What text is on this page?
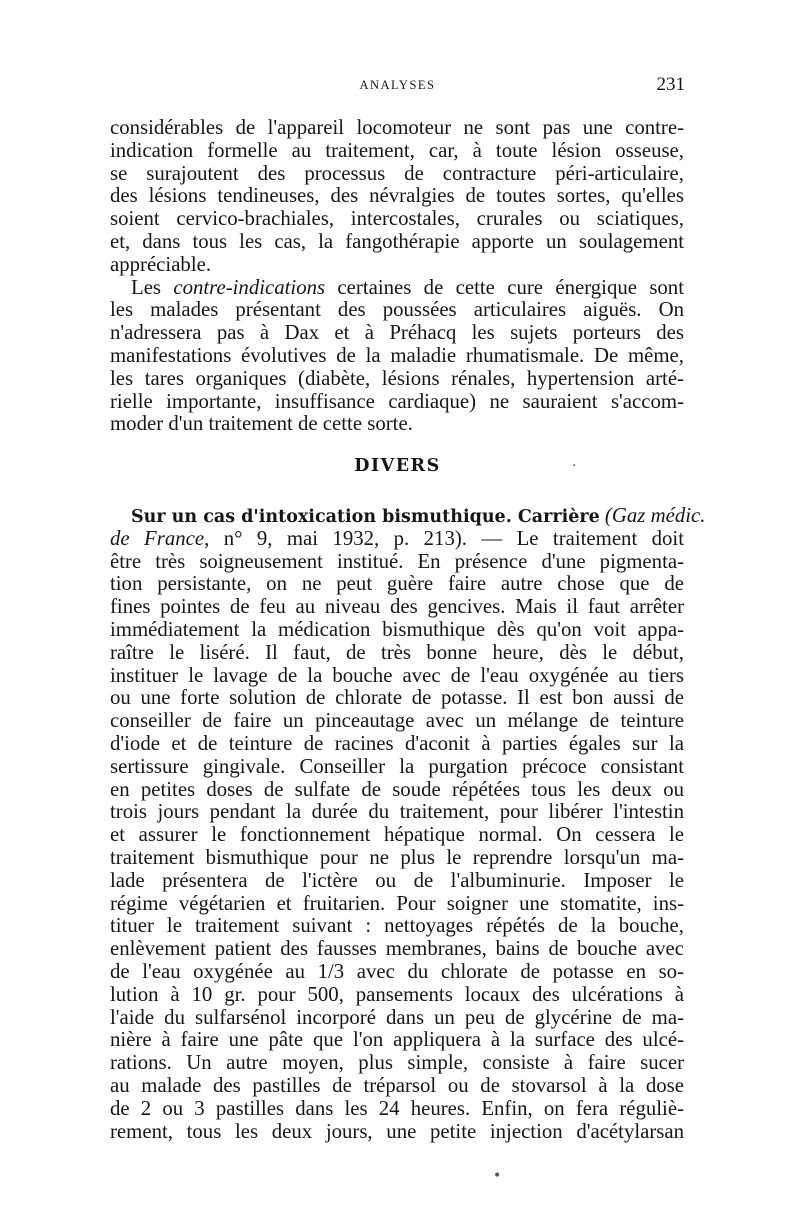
ANALYSES	231
considérables de l'appareil locomoteur ne sont pas une contre-
indication formelle au traitement, car, à toute lésion osseuse,
se surajoutent des processus de contracture péri-articulaire,
des lésions tendineuses, des névralgies de toutes sortes, qu'elles
soient cervico-brachiales, intercostales, crurales ou sciatiques,
et, dans tous les cas, la fangothérapie apporte un soulagement
appréciable.
Les contre-indications certaines de cette cure énergique sont
les malades présentant des poussées articulaires aiguës. On
n'adressera pas à Dax et à Préhacq les sujets porteurs des
manifestations évolutives de la maladie rhumatismale. De même,
les tares organiques (diabète, lésions rénales, hypertension arté-
rielle importante, insuffisance cardiaque) ne sauraient s'accom-
moder d'un traitement de cette sorte.
DIVERS	·
Sur un cas d'intoxication bismuthique. Carrière (Gaz médic.
de France, n° 9, mai 1932, p. 213). — Le traitement doit
être très soigneusement institué. En présence d'une pigmenta-
tion persistante, on ne peut guère faire autre chose que de
fines pointes de feu au niveau des gencives. Mais il faut arrêter
immédiatement la médication bismuthique dès qu'on voit appa-
raître le liséré. Il faut, de très bonne heure, dès le début,
instituer le lavage de la bouche avec de l'eau oxygénée au tiers
ou une forte solution de chlorate de potasse. Il est bon aussi de
conseiller de faire un pinceautage avec un mélange de teinture
d'iode et de teinture de racines d'aconit à parties égales sur la
sertissure gingivale. Conseiller la purgation précoce consistant
en petites doses de sulfate de soude répétées tous les deux ou
trois jours pendant la durée du traitement, pour libérer l'intestin
et assurer le fonctionnement hépatique normal. On cessera le
traitement bismuthique pour ne plus le reprendre lorsqu'un ma-
lade présentera de l'ictère ou de l'albuminurie. Imposer le
régime végétarien et fruitarien. Pour soigner une stomatite, ins-
tituer le traitement suivant : nettoyages répétés de la bouche,
enlèvement patient des fausses membranes, bains de bouche avec
de l'eau oxygénée au 1/3 avec du chlorate de potasse en so-
lution à 10 gr. pour 500, pansements locaux des ulcérations à
l'aide du sulfarsénol incorporé dans un peu de glycérine de ma-
nière à faire une pâte que l'on appliquera à la surface des ulcé-
rations. Un autre moyen, plus simple, consiste à faire sucer
au malade des pastilles de tréparsol ou de stovarsol à la dose
de 2 ou 3 pastilles dans les 24 heures. Enfin, on fera réguliè-
rement, tous les deux jours, une petite injection d'acétylarsan
•
